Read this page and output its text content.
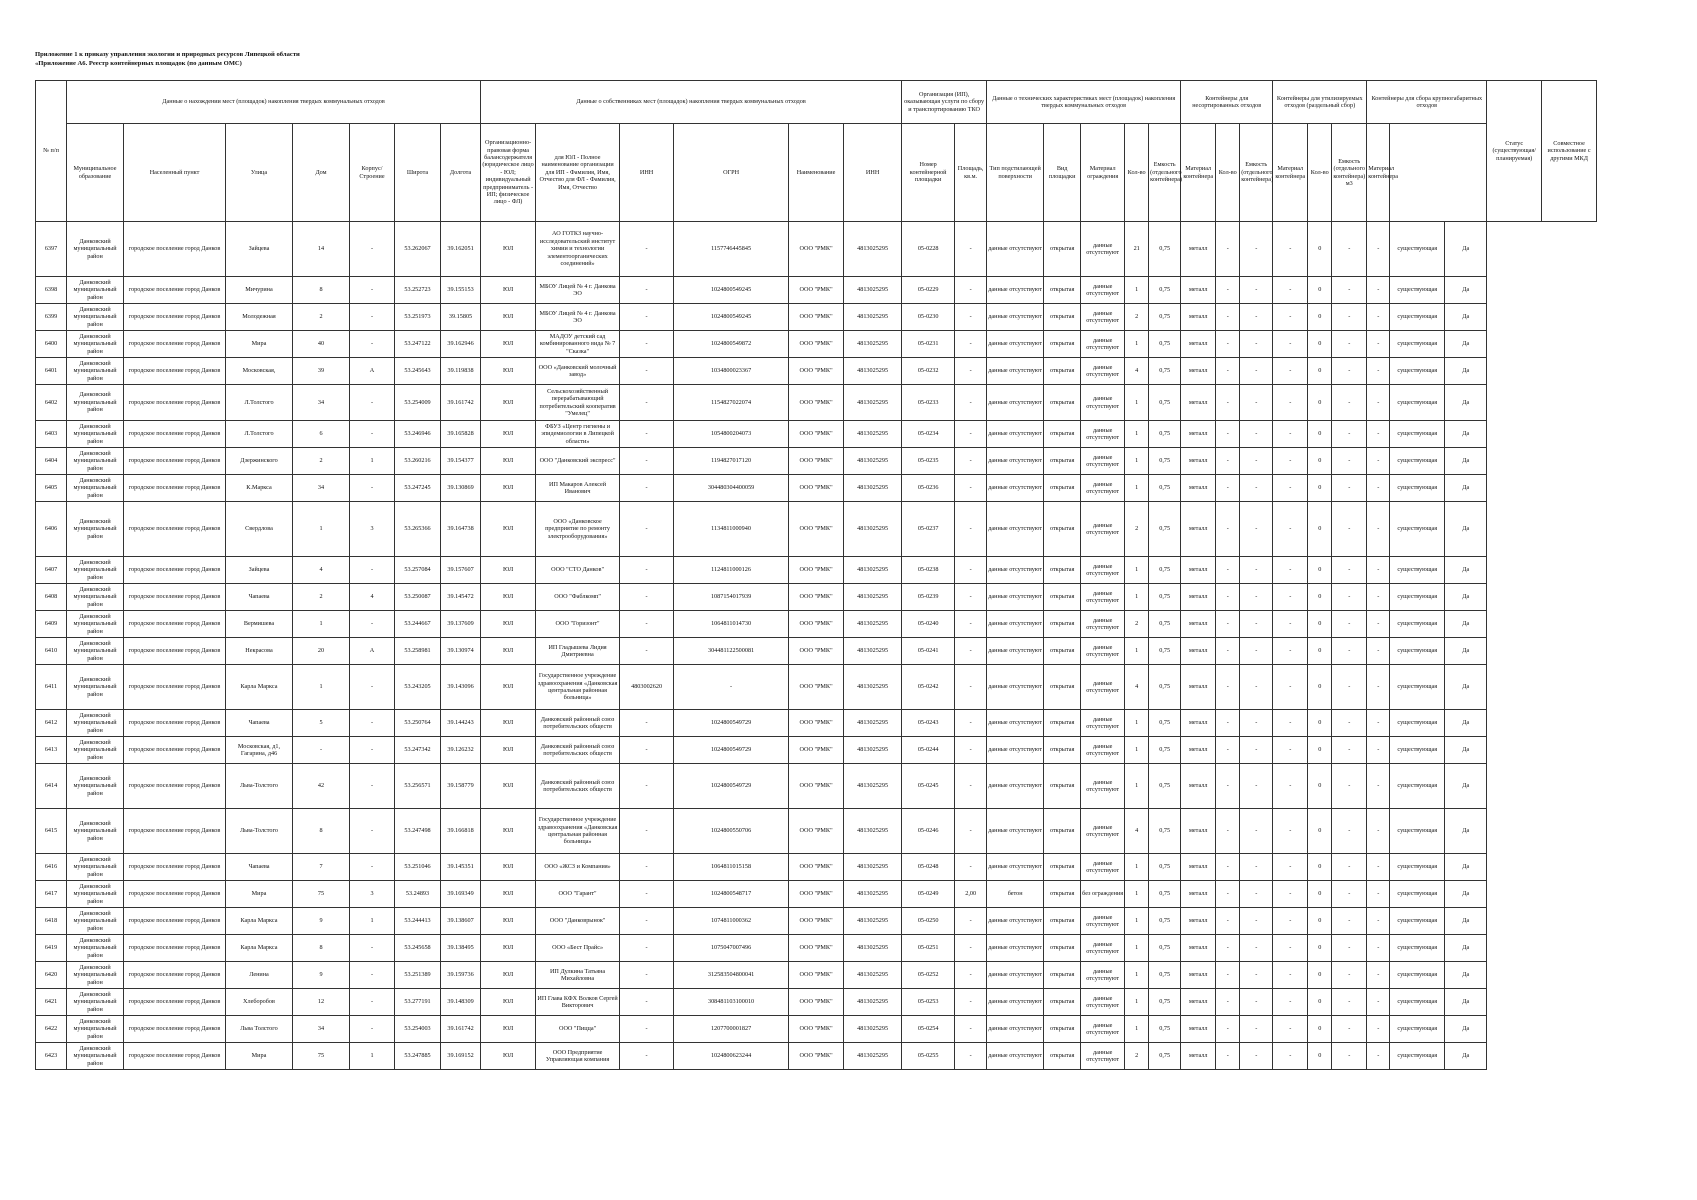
Приложение 1 к приказу управления экологии и природных ресурсов Липецкой области
«Приложение А6. Реестр контейнерных площадок (по данным ОМС)
№ п/п	Данные о нахождении мест (площадок) накопления твердых коммунальных отходов							Данные о собственниках мест (площадок) накопления твердых коммунальных отходов						Организация (ИП), оказывающая услуги по сбору и транспортированию ТКО		Данные о технических характеристиках мест (площадок) накопления твердых коммунальных отходов					Контейнеры для несортированных отходов			Контейнеры для утилизируемых отходов (раздельный сбор)			Контейнеры для сбора крупногабаритных отходов			Статус (существующая/ планируемая)	Совместное использование с другими МКД
	Муниципальное образование	Населенный пункт	Улица	Дом	Корпус/Строение	Широта	Долгота	Организационно-правовая форма балансодержателя (юридическое лицо - ЮЛ; индивидуальный предприниматель - ИП; физическое лицо - ФЛ)	для ЮЛ - Полное наименование организации для ИП - Фамилия, Имя, Отчество для ФЛ - Фамилия, Имя, Отчество	ИНН	ОГРН	Наименование	ИНН	Номер контейнерной площадки	Площадь, кв.м.	Тип подстилающей поверхности	Вид площадки	Материал ограждения	Кол-во	Емкость (отдельного контейнера)	Материал контейнера	Кол-во	Емкость (отдельного контейнера)	Материал контейнера	Кол-во	Емкость (отдельного контейнера) м3	Материал контейнера				
6397	Данковский муниципальный район	городское поселение город Данков	Зайцева	14	-	53.262067	39.162051	ЮЛ	АО ГОТКЗ научно-исследовательский институт химии и технологии элементоорганических соединений»	-	1157746445845	ООО "РМК"	4813025295	05-0228	-	данные отсутствуют	открытая	данные отсутствуют	21	0,75	металл	-	-	-	0	-	-	существующая	Да		
6398	Данковский муниципальный район	городское поселение город Данков	Мичурина	8	-	53.252723	39.155153	ЮЛ	МБОУ Лицей № 4 г. Данкова ЭО	-	1024800549245	ООО "РМК"	4813025295	05-0229	-	данные отсутствуют	открытая	данные отсутствуют	1	0,75	металл	-	-	-	0	-	-	существующая	Да		
6399	Данковский муниципальный район	городское поселение город Данков	Молодежная	2	-	53.251973	39.15805	ЮЛ	МБОУ Лицей № 4 г. Данкова ЭО	-	1024800549245	ООО "РМК"	4813025295	05-0230	-	данные отсутствуют	открытая	данные отсутствуют	2	0,75	металл	-	-	-	0	-	-	существующая	Да		
6400	Данковский муниципальный район	городское поселение город Данков	Мира	40	-	53.247122	39.162946	ЮЛ	МАДОУ детский сад комбинированного вида № 7 "Сказка"	-	1024800549872	ООО "РМК"	4813025295	05-0231	-	данные отсутствуют	открытая	данные отсутствуют	1	0,75	металл	-	-	-	0	-	-	существующая	Да		
6401	Данковский муниципальный район	городское поселение город Данков	Московская,	39	А	53.245643	39.119838	ЮЛ	ООО «Данковский молочный завод»	-	1034800023367	ООО "РМК"	4813025295	05-0232	-	данные отсутствуют	открытая	данные отсутствуют	4	0,75	металл	-	-	-	0	-	-	существующая	Да		
6402	Данковский муниципальный район	городское поселение город Данков	Л.Толстого	34	-	53.254009	39.161742	ЮЛ	Сельскохозяйственный перерабатывающий потребительский кооператив "Умелец"	-	1154827022074	ООО "РМК"	4813025295	05-0233	-	данные отсутствуют	открытая	данные отсутствуют	1	0,75	металл	-	-	-	0	-	-	существующая	Да		
6403	Данковский муниципальный район	городское поселение город Данков	Л.Толстого	6	-	53.246946	39.165828	ЮЛ	ФБУЗ «Центр гигиены и эпидемиологии в Липецкой области»	-	1054800204073	ООО "РМК"	4813025295	05-0234	-	данные отсутствуют	открытая	данные отсутствуют	1	0,75	металл	-	-	-	0	-	-	существующая	Да		
6404	Данковский муниципальный район	городское поселение город Данков	Дзержинского	2	1	53.260216	39.154377	ЮЛ	ООО "Данковский экспресс"	-	1194827017120	ООО "РМК"	4813025295	05-0235	-	данные отсутствуют	открытая	данные отсутствуют	1	0,75	металл	-	-	-	0	-	-	существующая	Да		
6405	Данковский муниципальный район	городское поселение город Данков	К.Маркса	34	-	53.247245	39.130869	ЮЛ	ИП Макаров Алексей Иванович	-	304480304400059	ООО "РМК"	4813025295	05-0236	-	данные отсутствуют	открытая	данные отсутствуют	1	0,75	металл	-	-	-	0	-	-	существующая	Да		
6406	Данковский муниципальный район	городское поселение город Данков	Свердлова	1	3	53.265366	39.164738	ЮЛ	ООО «Данковское предприятие по ремонту электрооборудования»	-	1134811000940	ООО "РМК"	4813025295	05-0237	-	данные отсутствуют	открытая	данные отсутствуют	2	0,75	металл	-	-	-	0	-	-	существующая	Да		
6407	Данковский муниципальный район	городское поселение город Данков	Зайцева	4	-	53.257084	39.157607	ЮЛ	ООО "СТО Данков"	-	1124811000126	ООО "РМК"	4813025295	05-0238	-	данные отсутствуют	открытая	данные отсутствуют	1	0,75	металл	-	-	-	0	-	-	существующая	Да		
6408	Данковский муниципальный район	городское поселение город Данков	Чапаева	2	4	53.250087	39.145472	ЮЛ	ООО "Фаблкомп"	-	1087154017939	ООО "РМК"	4813025295	05-0239	-	данные отсутствуют	открытая	данные отсутствуют	1	0,75	металл	-	-	-	0	-	-	существующая	Да		
6409	Данковский муниципальный район	городское поселение город Данков	Вермишева	1	-	53.244667	39.137609	ЮЛ	ООО "Горизонт"	-	1064811014730	ООО "РМК"	4813025295	05-0240	-	данные отсутствуют	открытая	данные отсутствуют	2	0,75	металл	-	-	-	0	-	-	существующая	Да		
6410	Данковский муниципальный район	городское поселение город Данков	Некрасова	20	А	53.258981	39.130974	ЮЛ	ИП Гладышева Лидия Дмитриевна	-	304481122500081	ООО "РМК"	4813025295	05-0241	-	данные отсутствуют	открытая	данные отсутствуют	1	0,75	металл	-	-	-	0	-	-	существующая	Да		
6411	Данковский муниципальный район	городское поселение город Данков	Карла Маркса	1	-	53.243205	39.143096	ЮЛ	Государственное учреждение здравоохранения «Данковская центральная районная больница»	4803002620	-	ООО "РМК"	4813025295	05-0242	-	данные отсутствуют	открытая	данные отсутствуют	4	0,75	металл	-	-	-	0	-	-	существующая	Да		
6412	Данковский муниципальный район	городское поселение город Данков	Чапаева	5	-	53.250764	39.144243	ЮЛ	Данковский районный союз потребительских обществ	-	1024800549729	ООО "РМК"	4813025295	05-0243	-	данные отсутствуют	открытая	данные отсутствуют	1	0,75	металл	-	-	-	0	-	-	существующая	Да		
6413	Данковский муниципальный район	городское поселение город Данков	Московская, д1, Гагарина, д46	-	-	53.247342	39.126232	ЮЛ	Данковский районный союз потребительских обществ	-	1024800549729	ООО "РМК"	4813025295	05-0244	-	данные отсутствуют	открытая	данные отсутствуют	1	0,75	металл	-	-	-	0	-	-	существующая	Да		
6414	Данковский муниципальный район	городское поселение город Данков	Льва-Толстого	42	-	53.256571	39.158779	ЮЛ	Данковский районный союз потребительских обществ	-	1024800549729	ООО "РМК"	4813025295	05-0245	-	данные отсутствуют	открытая	данные отсутствуют	1	0,75	металл	-	-	-	0	-	-	существующая	Да		
6415	Данковский муниципальный район	городское поселение город Данков	Льва-Толстого	8	-	53.247498	39.166818	ЮЛ	Государственное учреждение здравоохранения «Данковская центральная районная больница»	-	1024800550706	ООО "РМК"	4813025295	05-0246	-	данные отсутствуют	открытая	данные отсутствуют	4	0,75	металл	-	-	-	0	-	-	существующая	Да		
6416	Данковский муниципальный район	городское поселение город Данков	Чапаева	7	-	53.251046	39.145351	ЮЛ	ООО «ЖСЗ и Компания»	-	1064811015158	ООО "РМК"	4813025295	05-0248	-	данные отсутствуют	открытая	данные отсутствуют	1	0,75	металл	-	-	-	0	-	-	существующая	Да		
6417	Данковский муниципальный район	городское поселение город Данков	Мира	75	3	53.24893	39.169349	ЮЛ	ООО "Гарант"	-	1024800548717	ООО "РМК"	4813025295	05-0249	2,00	бетон	открытая	без ограждения	1	0,75	металл	-	-	-	0	-	-	существующая	Да		
6418	Данковский муниципальный район	городское поселение город Данков	Карла Маркса	9	1	53.244413	39.138607	ЮЛ	ООО "Данковрынок"	-	1074811000362	ООО "РМК"	4813025295	05-0250	-	данные отсутствуют	открытая	данные отсутствуют	1	0,75	металл	-	-	-	0	-	-	существующая	Да		
6419	Данковский муниципальный район	городское поселение город Данков	Карла Маркса	8	-	53.245658	39.138495	ЮЛ	ООО «Бест Прайс»	-	1075047007496	ООО "РМК"	4813025295	05-0251	-	данные отсутствуют	открытая	данные отсутствуют	1	0,75	металл	-	-	-	0	-	-	существующая	Да		
6420	Данковский муниципальный район	городское поселение город Данков	Ленина	9	-	53.251389	39.159736	ЮЛ	ИП Дулкина Татьяна Михайловна	-	312583504800041	ООО "РМК"	4813025295	05-0252	-	данные отсутствуют	открытая	данные отсутствуют	1	0,75	металл	-	-	-	0	-	-	существующая	Да		
6421	Данковский муниципальный район	городское поселение город Данков	Хлеборобов	12	-	53.277191	39.148309	ЮЛ	ИП Глава КФХ Волков Сергей Викторович	-	308481103100010	ООО "РМК"	4813025295	05-0253	-	данные отсутствуют	открытая	данные отсутствуют	1	0,75	металл	-	-	-	0	-	-	существующая	Да		
6422	Данковский муниципальный район	городское поселение город Данков	Льва Толстого	34	-	53.254003	39.161742	ЮЛ	ООО "Пицца"	-	1207700001827	ООО "РМК"	4813025295	05-0254	-	данные отсутствуют	открытая	данные отсутствуют	1	0,75	металл	-	-	-	0	-	-	существующая	Да		
6423	Данковский муниципальный район	городское поселение город Данков	Мира	75	1	53.247885	39.169152	ЮЛ	ООО Предприятие Управляющая компания	-	1024800623244	ООО "РМК"	4813025295	05-0255	-	данные отсутствуют	открытая	данные отсутствуют	2	0,75	металл	-	-	-	0	-	-	существующая	Да		
